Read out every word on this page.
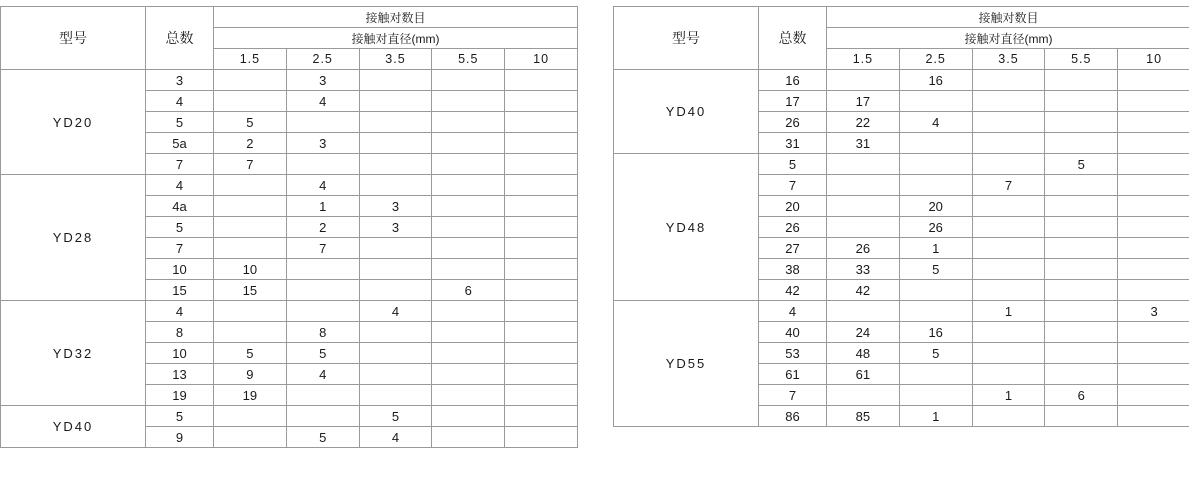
型号	总数	接触对数目				
		接触对直径(mm)				
		1.5	2.5	3.5	5.5	10
YD20	3		3			
	4		4			
	5	5				
	5a	2	3			
	7	7				
YD28	4		4			
	4a		1	3		
	5		2	3		
	7		7			
	10	10				
	15	15			6	
YD32	4			4		
	8		8			
	10	5	5			
	13	9	4			
	19	19				
YD40	5			5		
	9		5	4		
型号	总数	接触对数目				
		接触对直径(mm)				
		1.5	2.5	3.5	5.5	10
YD40	16		16			
	17	17				
	26	22	4			
	31	31				
YD48	5				5	
	7			7		
	20		20			
	26		26			
	27	26	1			
	38	33	5			
	42	42				
YD55	4			1		3
	40	24	16			
	53	48	5			
	61	61				
	7			1	6	
	86	85	1			
